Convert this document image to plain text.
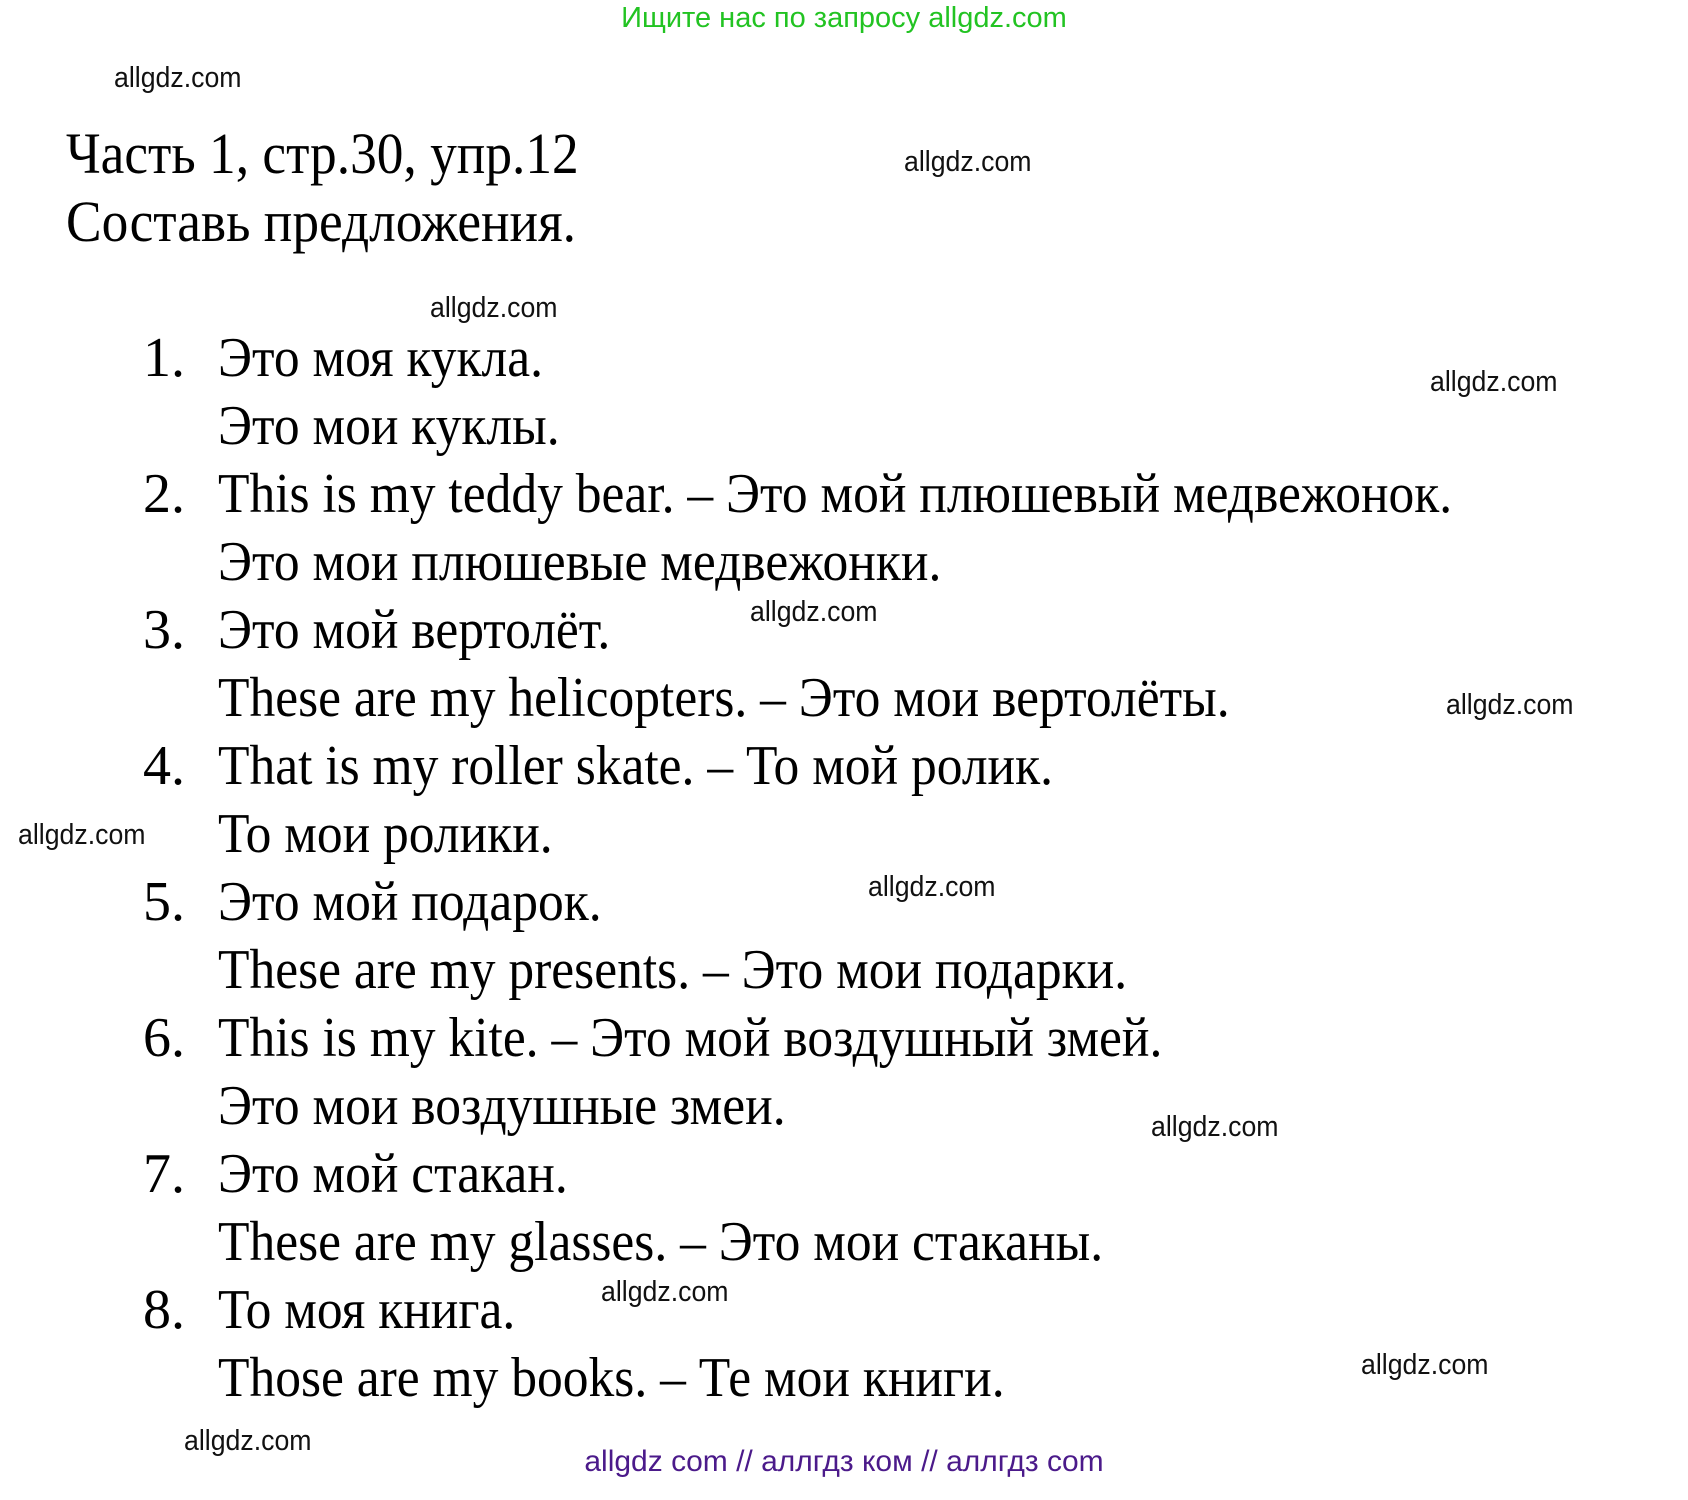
Ищите нас по запросу allgdz.com
allgdz.com
allgdz.com
allgdz.com
allgdz.com
allgdz.com
allgdz.com
allgdz.com
allgdz.com
allgdz.com
allgdz.com
allgdz.com
allgdz.com
Часть 1, стр.30, упр.12
Составь предложения.
1. Это моя кукла.
Это мои куклы.
2. This is my teddy bear. – Это мой плюшевый медвежонок.
Это мои плюшевые медвежонки.
3. Это мой вертолёт.
These are my helicopters. – Это мои вертолёты.
4. That is my roller skate. – То мой ролик.
То мои ролики.
5. Это мой подарок.
These are my presents. – Это мои подарки.
6. This is my kite. – Это мой воздушный змей.
Это мои воздушные змеи.
7. Это мой стакан.
These are my glasses. – Это мои стаканы.
8. То моя книга.
Those are my books. – Те мои книги.
allgdz com // аллгдз ком // аллгдз com
